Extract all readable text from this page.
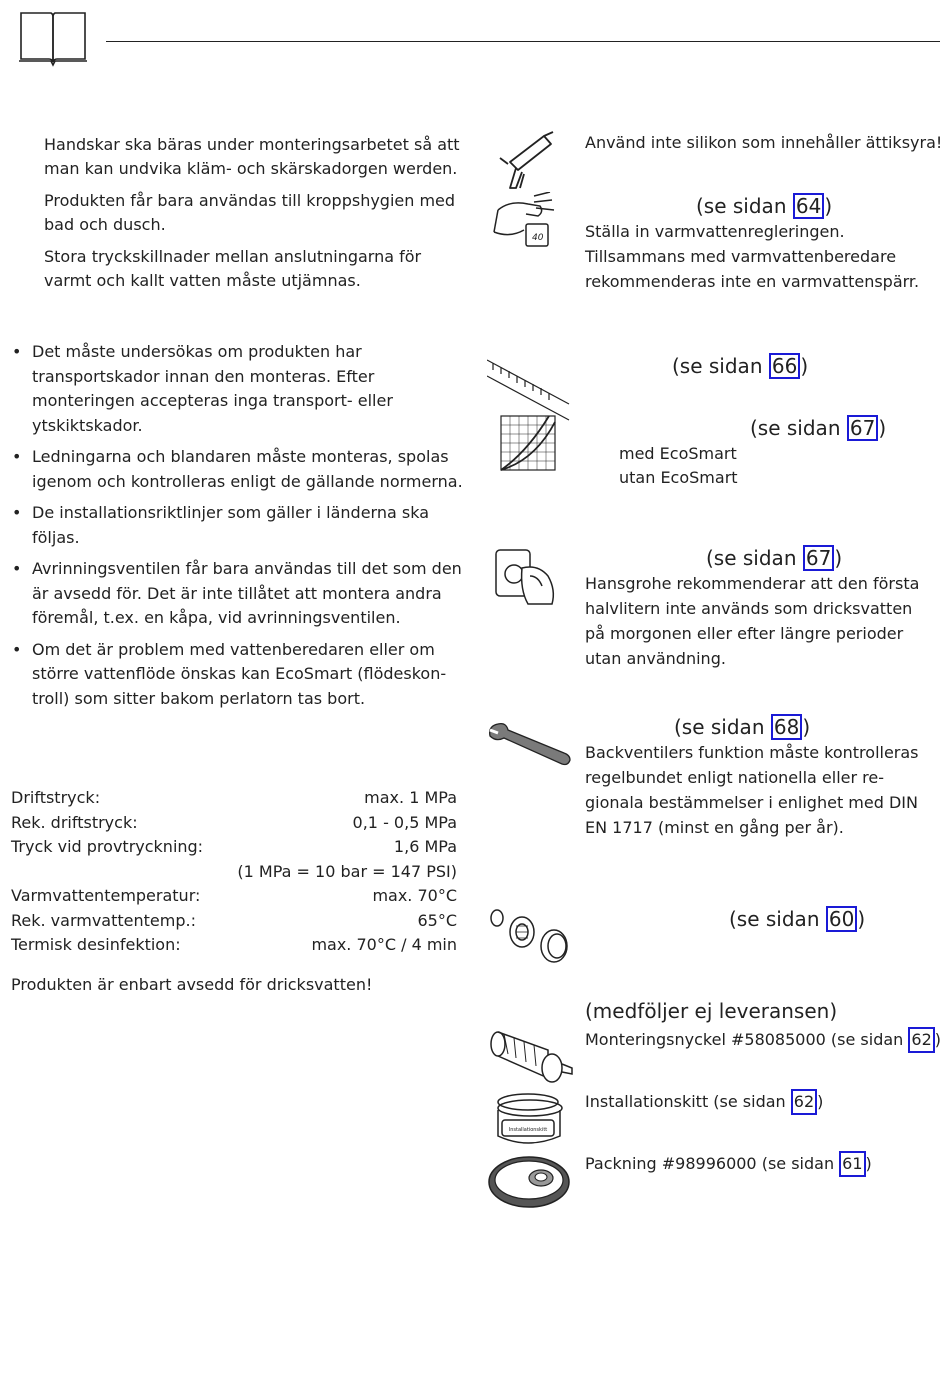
Handskar ska bäras under monteringsarbetet så att man kan undvika kläm- och skärskadorgen werden.

Produkten får bara användas till kroppshygien med bad och dusch.

Stora tryckskillnader mellan anslutningarna för varmt och kallt vatten måste utjämnas.

• Det måste undersökas om produkten har transportskador innan den monteras. Efter monteringen accepteras inga transport- eller ytskiktskador.
• Ledningarna och blandaren måste monteras, spolas igenom och kontrolleras enligt de gällande normerna.
• De installationsriktlinjer som gäller i länderna ska följas.
• Avrinningsventilen får bara användas till det som den är avsedd för. Det är inte tillåtet att montera andra föremål, t.ex. en kåpa, vid avrinningsventilen.
• Om det är problem med vattenberedaren eller om större vattenflöde önskas kan EcoSmart (flödeskontroll) som sitter bakom perlatorn tas bort.
Driftstryck:	max. 1 MPa
Rek. driftstryck:	0,1 - 0,5 MPa
Tryck vid provtryckning:	1,6 MPa
(1 MPa = 10 bar = 147 PSI)
Varmvattentemperatur:	max. 70°C
Rek. varmvattentemp.:	65°C
Termisk desinfektion:	max. 70°C / 4 min
Produkten är enbart avsedd för dricksvatten!
40
Installationskitt
Använd inte silikon som innehåller ättiksyra!
(se sidan 64 )
Ställa in varmvattenregleringen. Tillsammans med varmvattenberedare rekommenderas inte en varmvattenspärr.
(se sidan 66 )
(se sidan 67 )
med EcoSmart
utan EcoSmart
(se sidan 67 )
Hansgrohe rekommenderar att den första halvlitern inte används som dricksvatten på morgonen eller efter längre perioder utan användning.
(se sidan 68 )
Backventilers funktion måste kontrolleras regelbundet enligt nationella eller regionala bestämmelser i enlighet med DIN EN 1717 (minst en gång per år).
(se sidan 60 )
(medföljer ej leveransen)
Monteringsnyckel #58085000 (se sidan 62 )
Installationskitt (se sidan 62 )
Packning #98996000 (se sidan 61 )
